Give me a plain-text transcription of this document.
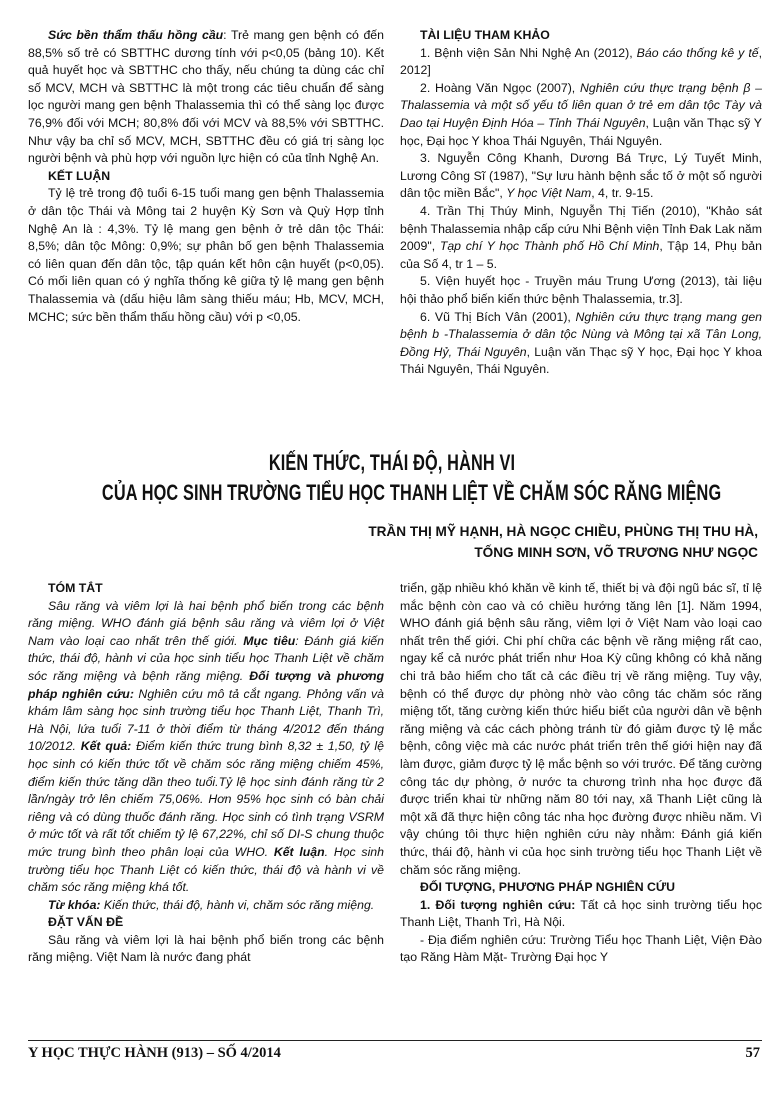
Sức bền thẩm thấu hồng cầu: Trẻ mang gen bệnh có đến 88,5% số trẻ có SBTTHC dương tính với p<0,05 (bảng 10). Kết quả huyết học và SBTTHC cho thấy, nếu chúng ta dùng các chỉ số MCV, MCH và SBTTHC là một trong các tiêu chuẩn để sàng lọc người mang gen bệnh Thalassemia thì có thể sàng lọc được 76,9% đối với MCH; 80,8% đối với MCV và 88,5% với SBTTHC. Như vậy ba chỉ số MCV, MCH, SBTTHC đều có giá trị sàng lọc người bệnh và phù hợp với nguồn lực hiện có của tỉnh Nghệ An.

KẾT LUẬN

Tỷ lệ trẻ trong độ tuổi 6-15 tuổi mang gen bệnh Thalassemia ở dân tộc Thái và Mông tai 2 huyện Kỳ Sơn và Quỳ Hợp tỉnh Nghệ An là : 4,3%. Tỷ lệ mang gen bệnh ở trẻ dân tộc Thái: 8,5%; dân tộc Mông: 0,9%; sự phân bố gen bệnh Thalassemia có liên quan đến dân tộc, tập quán kết hôn cận huyết (p<0,05). Có mối liên quan có ý nghĩa thống kê giữa tỷ lệ mang gen bệnh Thalassemia và (dấu hiệu lâm sàng thiếu máu; Hb, MCV, MCH, MCHC; sức bền thẩm thấu hồng cầu) với p <0,05.

TÀI LIỆU THAM KHẢO

1. Bệnh viện Sản Nhi Nghệ An (2012), Báo cáo thống kê y tế, 2012]

2. Hoàng Văn Ngọc (2007), Nghiên cứu thực trạng bệnh β – Thalassemia và một số yếu tố liên quan ở trẻ em dân tộc Tày và Dao tại Huyện Định Hóa – Tỉnh Thái Nguyên, Luận văn Thạc sỹ Y học, Đại học Y khoa Thái Nguyên, Thái Nguyên.

3. Nguyễn Công Khanh, Dương Bá Trực, Lý Tuyết Minh, Lương Công Sĩ (1987), "Sự lưu hành bệnh sắc tố ở một số người dân tộc miền Bắc", Y học Việt Nam, 4, tr. 9-15.

4. Trần Thị Thúy Minh, Nguyễn Thị Tiến (2010), "Khảo sát bệnh Thalassemia nhập cấp cứu Nhi Bệnh viện Tỉnh Đak Lak năm 2009", Tạp chí Y học Thành phố Hồ Chí Minh, Tập 14, Phụ bản của Số 4, tr 1 – 5.

5. Viện huyết học - Truyền máu Trung Ương (2013), tài liệu hội thảo phổ biến kiến thức bệnh Thalassemia, tr.3].

6. Vũ Thị Bích Vân (2001), Nghiên cứu thực trạng mang gen bệnh b -Thalassemia ở dân tộc Nùng và Mông tại xã Tân Long, Đồng Hỷ, Thái Nguyên, Luận văn Thạc sỹ Y học, Đại học Y khoa Thái Nguyên, Thái Nguyên.

KIẾN THỨC, THÁI ĐỘ, HÀNH VI
CỦA HỌC SINH TRƯỜNG TIỂU HỌC THANH LIỆT VỀ CHĂM SÓC RĂNG MIỆNG
TRẦN THỊ MỸ HẠNH, HÀ NGỌC CHIỀU, PHÙNG THỊ THU HÀ,
TỐNG MINH SƠN, VÕ TRƯƠNG NHƯ NGỌC

TÓM TẮT

Sâu răng và viêm lợi là hai bệnh phổ biến trong các bệnh răng miệng. WHO đánh giá bệnh sâu răng và viêm lợi ở Việt Nam vào loại cao nhất trên thế giới. Mục tiêu: Đánh giá kiến thức, thái độ, hành vi của học sinh tiểu học Thanh Liệt về chăm sóc răng miệng và bệnh răng miệng. Đối tượng và phương pháp nghiên cứu: Nghiên cứu mô tả cắt ngang. Phỏng vấn và khám lâm sàng học sinh trường tiểu học Thanh Liệt, Thanh Trì, Hà Nội, lứa tuổi 7-11 ở thời điểm từ tháng 4/2012 đến tháng 10/2012. Kết quả: Điểm kiến thức trung bình 8,32 ± 1,50, tỷ lệ học sinh có kiến thức tốt về chăm sóc răng miệng chiếm 45%, điểm kiến thức tăng dần theo tuổi.Tỷ lệ học sinh đánh răng từ 2 lần/ngày trở lên chiếm 75,06%. Hơn 95% học sinh có bàn chải riêng và có dùng thuốc đánh răng. Học sinh có tình trạng VSRM ở mức tốt và rất tốt chiếm tỷ lệ 67,22%, chỉ số DI-S chung thuộc mức trung bình theo phân loại của WHO. Kết luận. Học sinh trường tiểu học Thanh Liệt có kiến thức, thái độ và hành vi về chăm sóc răng miệng khá tốt.

Từ khóa: Kiến thức, thái độ, hành vi, chăm sóc răng miệng.

ĐẶT VẤN ĐỀ

Sâu răng và viêm lợi là hai bệnh phổ biến trong các bệnh răng miệng. Việt Nam là nước đang phát

triển, gặp nhiều khó khăn về kinh tế, thiết bị và đội ngũ bác sĩ, tỉ lệ mắc bệnh còn cao và có chiều hướng tăng lên [1]. Năm 1994, WHO đánh giá bệnh sâu răng, viêm lợi ở Việt Nam vào loại cao nhất trên thế giới. Chi phí chữa các bệnh về răng miệng rất cao, ngay kể cả nước phát triển như Hoa Kỳ cũng không có khả năng chi trả bảo hiểm cho tất cả các điều trị về răng miệng. Tuy vậy, bệnh có thể được dự phòng nhờ vào công tác chăm sóc răng miệng tốt, tăng cường kiến thức hiểu biết của người dân về bệnh răng miệng và các cách phòng tránh từ đó giảm được tỷ lệ mắc bệnh, công việc mà các nước phát triển trên thế giới hiện nay đã làm được, giảm được tỷ lệ mắc bệnh so với trước. Để tăng cường công tác dự phòng, ở nước ta chương trình nha học được đã được triển khai từ những năm 80 tới nay, xã Thanh Liệt cũng là một xã đã thực hiện công tác nha học đường được nhiều năm. Vì vậy chúng tôi thực hiện nghiên cứu này nhằm: Đánh giá kiến thức, thái độ, hành vi của học sinh trường tiểu học Thanh Liệt về chăm sóc răng miệng.

ĐỐI TƯỢNG, PHƯƠNG PHÁP NGHIÊN CỨU

1. Đối tượng nghiên cứu: Tất cả học sinh trường tiểu học Thanh Liệt, Thanh Trì, Hà Nội.

- Địa điểm nghiên cứu: Trường Tiểu học Thanh Liệt, Viện Đào tạo Răng Hàm Mặt- Trường Đại học Y

Y HỌC THỰC HÀNH (913) – SỐ 4/2014	57
